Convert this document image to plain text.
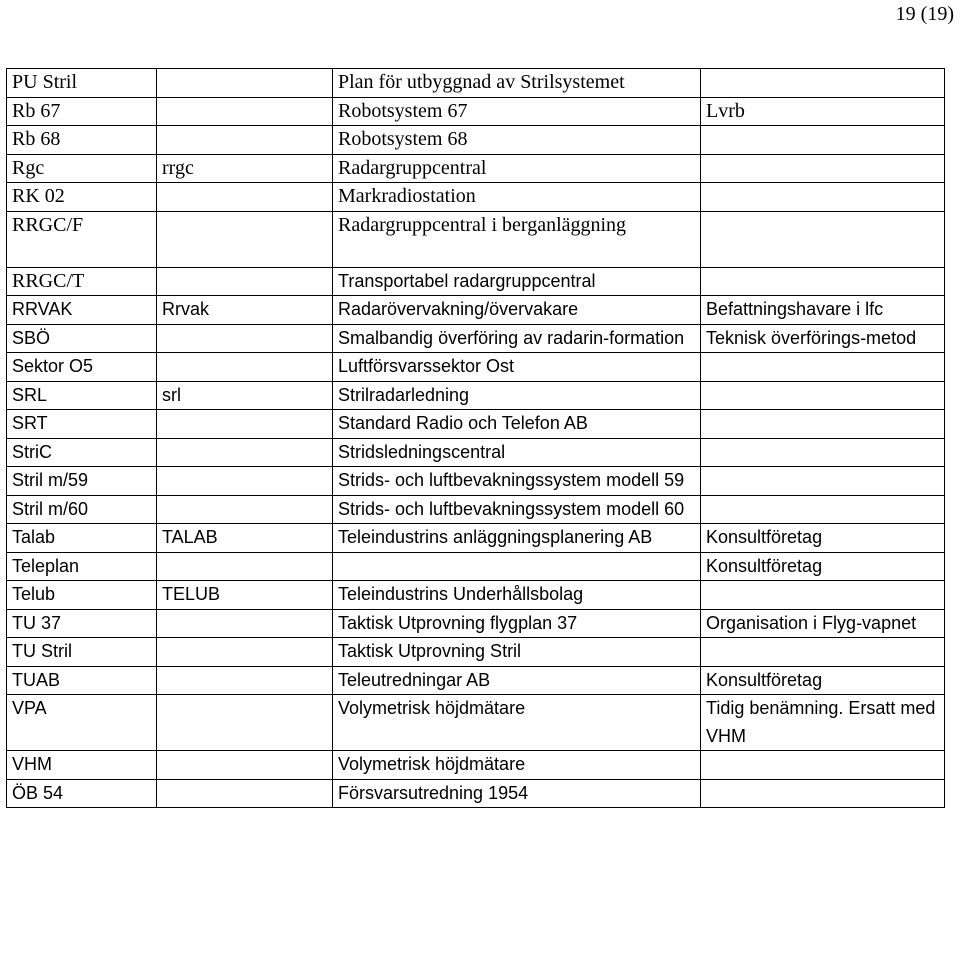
19 (19)
PU Stril		Plan för utbyggnad av Strilsystemet	
Rb 67		Robotsystem 67	Lvrb
Rb 68		Robotsystem 68	
Rgc	rrgc	Radargruppcentral	
RK 02		Markradiostation	
RRGC/F		Radargruppcentral i berganläggning	
RRGC/T		Transportabel radargruppcentral	
RRVAK	Rrvak	Radarövervakning/övervakare	Befattningshavare i lfc
SBÖ		Smalbandig överföring av radarin-formation	Teknisk överförings-metod
Sektor O5		Luftförsvarssektor Ost	
SRL	srl	Strilradarledning	
SRT		Standard Radio och Telefon AB	
StriC		Stridsledningscentral	
Stril m/59		Strids- och luftbevakningssystem modell 59	
Stril m/60		Strids- och luftbevakningssystem modell 60	
Talab	TALAB	Teleindustrins anläggningsplanering AB	Konsultföretag
Teleplan			Konsultföretag
Telub	TELUB	Teleindustrins Underhållsbolag	
TU 37		Taktisk Utprovning flygplan 37	Organisation i Flyg-vapnet
TU Stril		Taktisk Utprovning Stril	
TUAB		Teleutredningar AB	Konsultföretag
VPA		Volymetrisk höjdmätare	Tidig benämning. Ersatt med VHM
VHM		Volymetrisk höjdmätare	
ÖB 54		Försvarsutredning 1954	
